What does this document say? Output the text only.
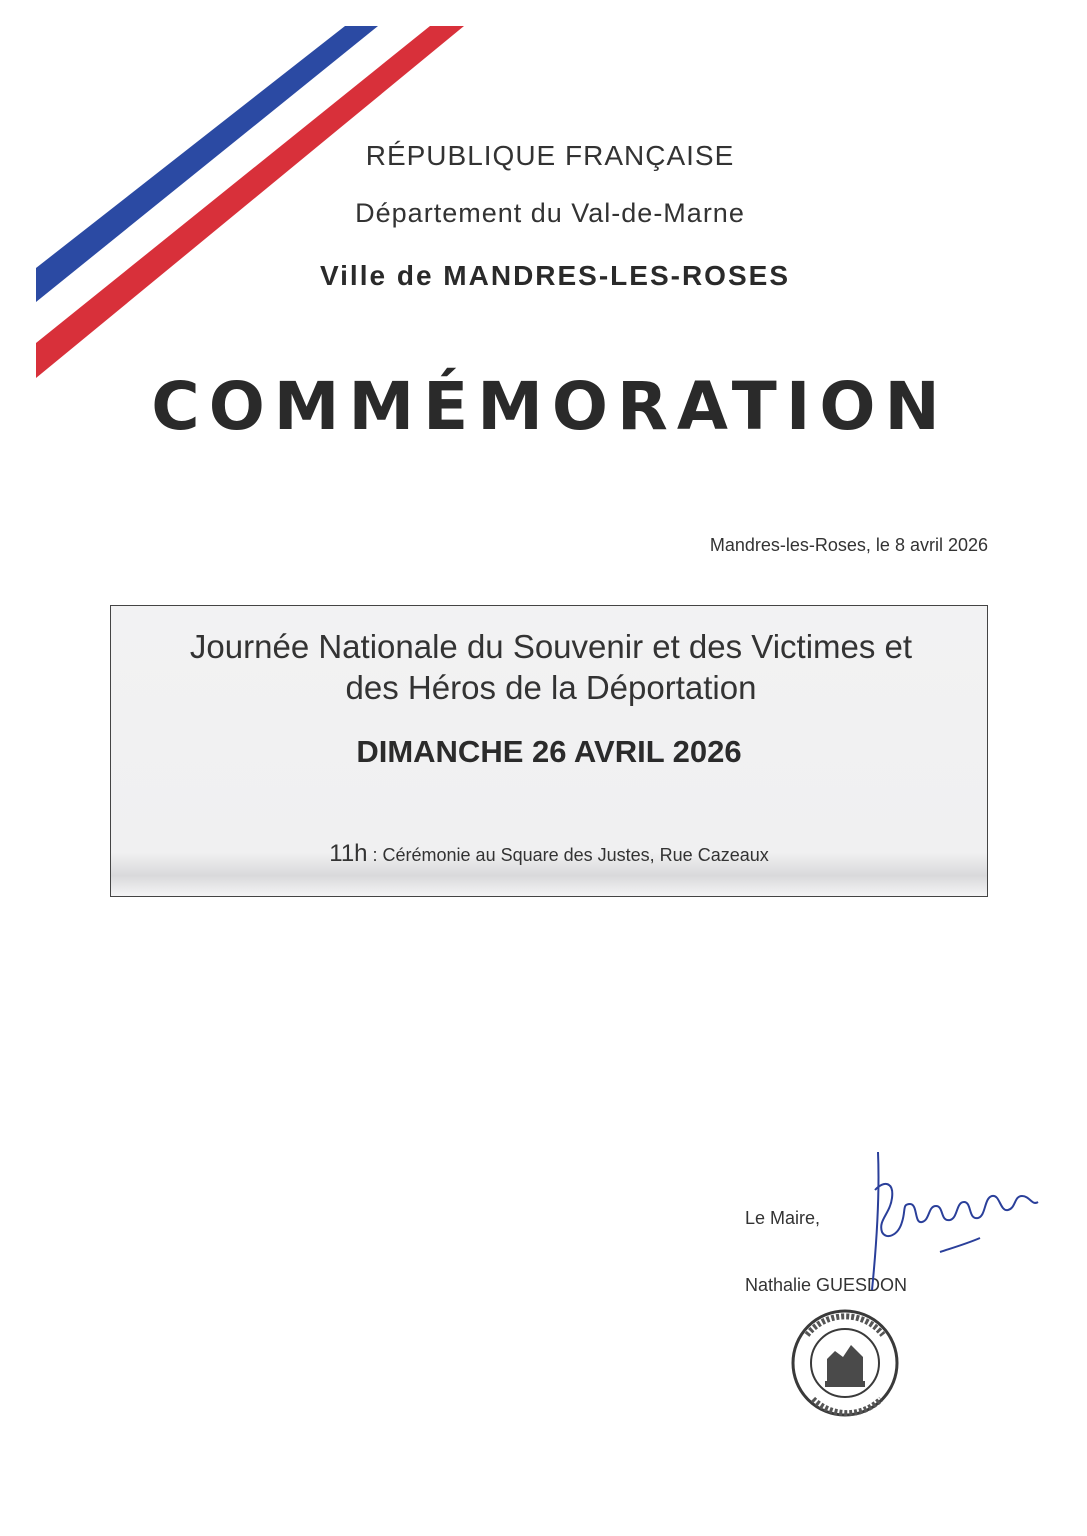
RÉPUBLIQUE FRANÇAISE
Département du Val-de-Marne
Ville de MANDRES-LES-ROSES
COMMÉMORATION
Mandres-les-Roses, le 8 avril 2026
Journée Nationale du Souvenir et des Victimes et
des Héros de la Déportation
DIMANCHE 26 AVRIL 2026
11h : Cérémonie au Square des Justes, Rue Cazeaux
Le Maire,
Nathalie GUESDON
